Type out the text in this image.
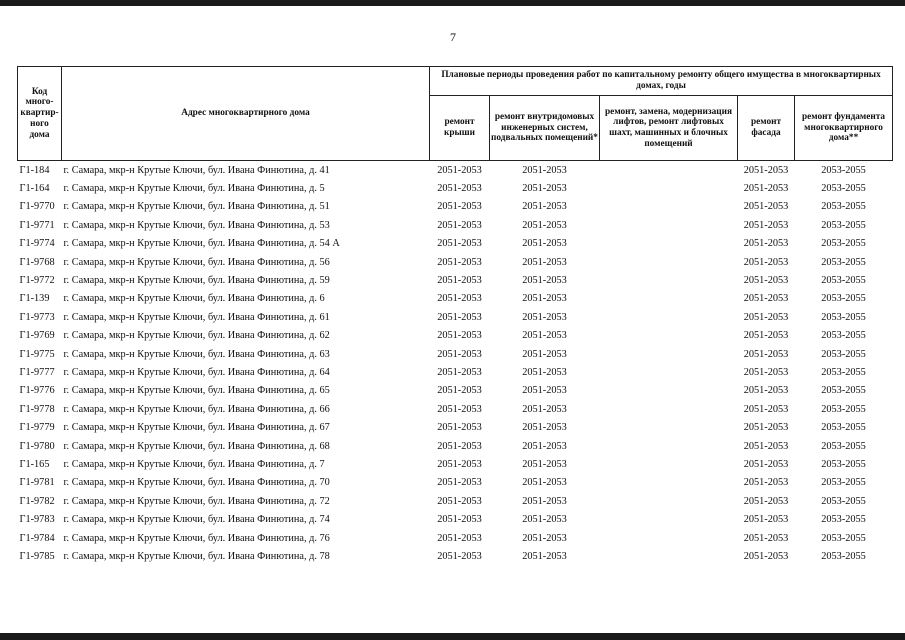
7
Код много-квартир-ного дома	Адрес многоквартирного дома	Плановые периоды проведения работ по капитальному ремонту общего имущества в многоквартирных домах, годы				
		ремонт крыши	ремонт внутридомовых инженерных систем, подвальных помещений*	ремонт, замена, модернизация лифтов, ремонт лифтовых шахт, машинных и блочных помещений	ремонт фасада	ремонт фундамента многоквартирного дома**
Г1-184	г. Самара, мкр-н Крутые Ключи, бул. Ивана Финютина, д. 41	2051-2053	2051-2053		2051-2053	2053-2055
Г1-164	г. Самара, мкр-н Крутые Ключи, бул. Ивана Финютина, д. 5	2051-2053	2051-2053		2051-2053	2053-2055
Г1-9770	г. Самара, мкр-н Крутые Ключи, бул. Ивана Финютина, д. 51	2051-2053	2051-2053		2051-2053	2053-2055
Г1-9771	г. Самара, мкр-н Крутые Ключи, бул. Ивана Финютина, д. 53	2051-2053	2051-2053		2051-2053	2053-2055
Г1-9774	г. Самара, мкр-н Крутые Ключи, бул. Ивана Финютина, д. 54 А	2051-2053	2051-2053		2051-2053	2053-2055
Г1-9768	г. Самара, мкр-н Крутые Ключи, бул. Ивана Финютина, д. 56	2051-2053	2051-2053		2051-2053	2053-2055
Г1-9772	г. Самара, мкр-н Крутые Ключи, бул. Ивана Финютина, д. 59	2051-2053	2051-2053		2051-2053	2053-2055
Г1-139	г. Самара, мкр-н Крутые Ключи, бул. Ивана Финютина, д. 6	2051-2053	2051-2053		2051-2053	2053-2055
Г1-9773	г. Самара, мкр-н Крутые Ключи, бул. Ивана Финютина, д. 61	2051-2053	2051-2053		2051-2053	2053-2055
Г1-9769	г. Самара, мкр-н Крутые Ключи, бул. Ивана Финютина, д. 62	2051-2053	2051-2053		2051-2053	2053-2055
Г1-9775	г. Самара, мкр-н Крутые Ключи, бул. Ивана Финютина, д. 63	2051-2053	2051-2053		2051-2053	2053-2055
Г1-9777	г. Самара, мкр-н Крутые Ключи, бул. Ивана Финютина, д. 64	2051-2053	2051-2053		2051-2053	2053-2055
Г1-9776	г. Самара, мкр-н Крутые Ключи, бул. Ивана Финютина, д. 65	2051-2053	2051-2053		2051-2053	2053-2055
Г1-9778	г. Самара, мкр-н Крутые Ключи, бул. Ивана Финютина, д. 66	2051-2053	2051-2053		2051-2053	2053-2055
Г1-9779	г. Самара, мкр-н Крутые Ключи, бул. Ивана Финютина, д. 67	2051-2053	2051-2053		2051-2053	2053-2055
Г1-9780	г. Самара, мкр-н Крутые Ключи, бул. Ивана Финютина, д. 68	2051-2053	2051-2053		2051-2053	2053-2055
Г1-165	г. Самара, мкр-н Крутые Ключи, бул. Ивана Финютина, д. 7	2051-2053	2051-2053		2051-2053	2053-2055
Г1-9781	г. Самара, мкр-н Крутые Ключи, бул. Ивана Финютина, д. 70	2051-2053	2051-2053		2051-2053	2053-2055
Г1-9782	г. Самара, мкр-н Крутые Ключи, бул. Ивана Финютина, д. 72	2051-2053	2051-2053		2051-2053	2053-2055
Г1-9783	г. Самара, мкр-н Крутые Ключи, бул. Ивана Финютина, д. 74	2051-2053	2051-2053		2051-2053	2053-2055
Г1-9784	г. Самара, мкр-н Крутые Ключи, бул. Ивана Финютина, д. 76	2051-2053	2051-2053		2051-2053	2053-2055
Г1-9785	г. Самара, мкр-н Крутые Ключи, бул. Ивана Финютина, д. 78	2051-2053	2051-2053		2051-2053	2053-2055
